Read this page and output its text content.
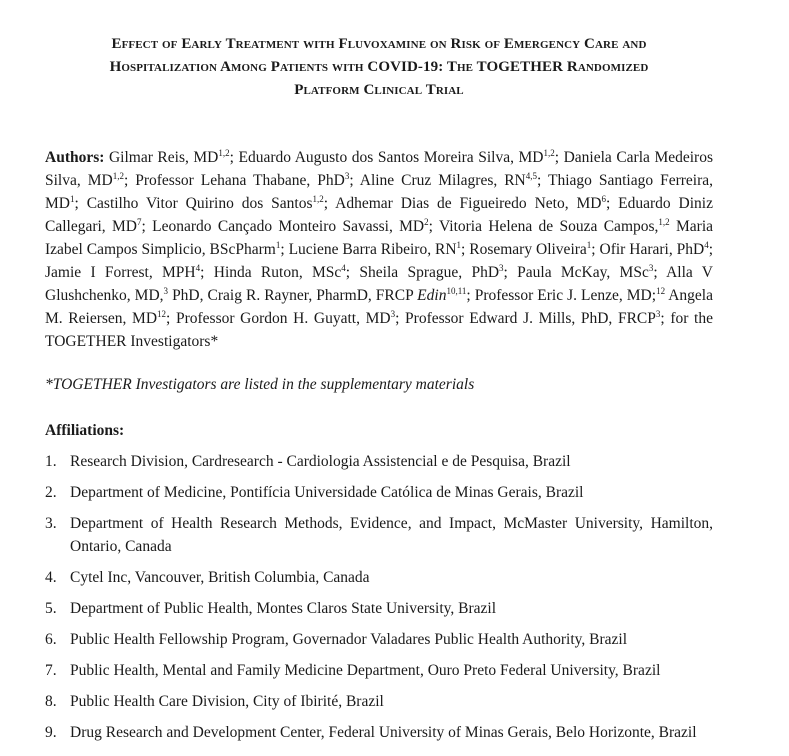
Effect of Early Treatment with Fluvoxamine on Risk of Emergency Care and
Hospitalization Among Patients with COVID-19: The TOGETHER Randomized
Platform Clinical Trial
Authors: Gilmar Reis, MD$^{1,2}$; Eduardo Augusto dos Santos Moreira Silva, MD$^{1,2}$; Daniela Carla Medeiros Silva, MD$^{1,2}$; Professor Lehana Thabane, PhD$^3$; Aline Cruz Milagres, RN$^{4,5}$; Thiago Santiago Ferreira, $MD^1$; Castilho Vitor Quirino dos Santos$^{1,2}$; Adhemar Dias de Figueiredo Neto, $MD^6$; Eduardo Diniz Callegari, $MD^7$; Leonardo Cançado Monteiro Savassi, $MD^2$; Vitoria Helena de Souza Campos,$^{1,2}$ Maria Izabel Campos Simplicio, BScPharm$^1$; Luciene Barra Ribeiro, $RN^1$; Rosemary Oliveira$^1$; Ofir Harari, PhD$^4$; Jamie I Forrest, MPH$^4$; Hinda Ruton, MSc$^4$; Sheila Sprague, PhD$^3$; Paula McKay, MSc$^3$; Alla V Glushchenko, MD,$^3$ PhD, Craig R. Rayner, PharmD, FRCP Edin$^{10,11}$; Professor Eric J. Lenze, MD;$^{12}$ Angela M. Reiersen, MD$^{12}$; Professor Gordon H. Guyatt, $MD^3$; Professor Edward J. Mills, PhD, FRCP$^3$; for the TOGETHER Investigators*
*TOGETHER Investigators are listed in the supplementary materials
Affiliations:
1. Research Division, Cardresearch - Cardiologia Assistencial e de Pesquisa, Brazil
2. Department of Medicine, Pontifícia Universidade Católica de Minas Gerais, Brazil
3. Department of Health Research Methods, Evidence, and Impact, McMaster University, Hamilton, Ontario, Canada
4. Cytel Inc, Vancouver, British Columbia, Canada
5. Department of Public Health, Montes Claros State University, Brazil
6. Public Health Fellowship Program, Governador Valadares Public Health Authority, Brazil
7. Public Health, Mental and Family Medicine Department, Ouro Preto Federal University, Brazil
8. Public Health Care Division, City of Ibirité, Brazil
9. Drug Research and Development Center, Federal University of Minas Gerais, Belo Horizonte, Brazil
